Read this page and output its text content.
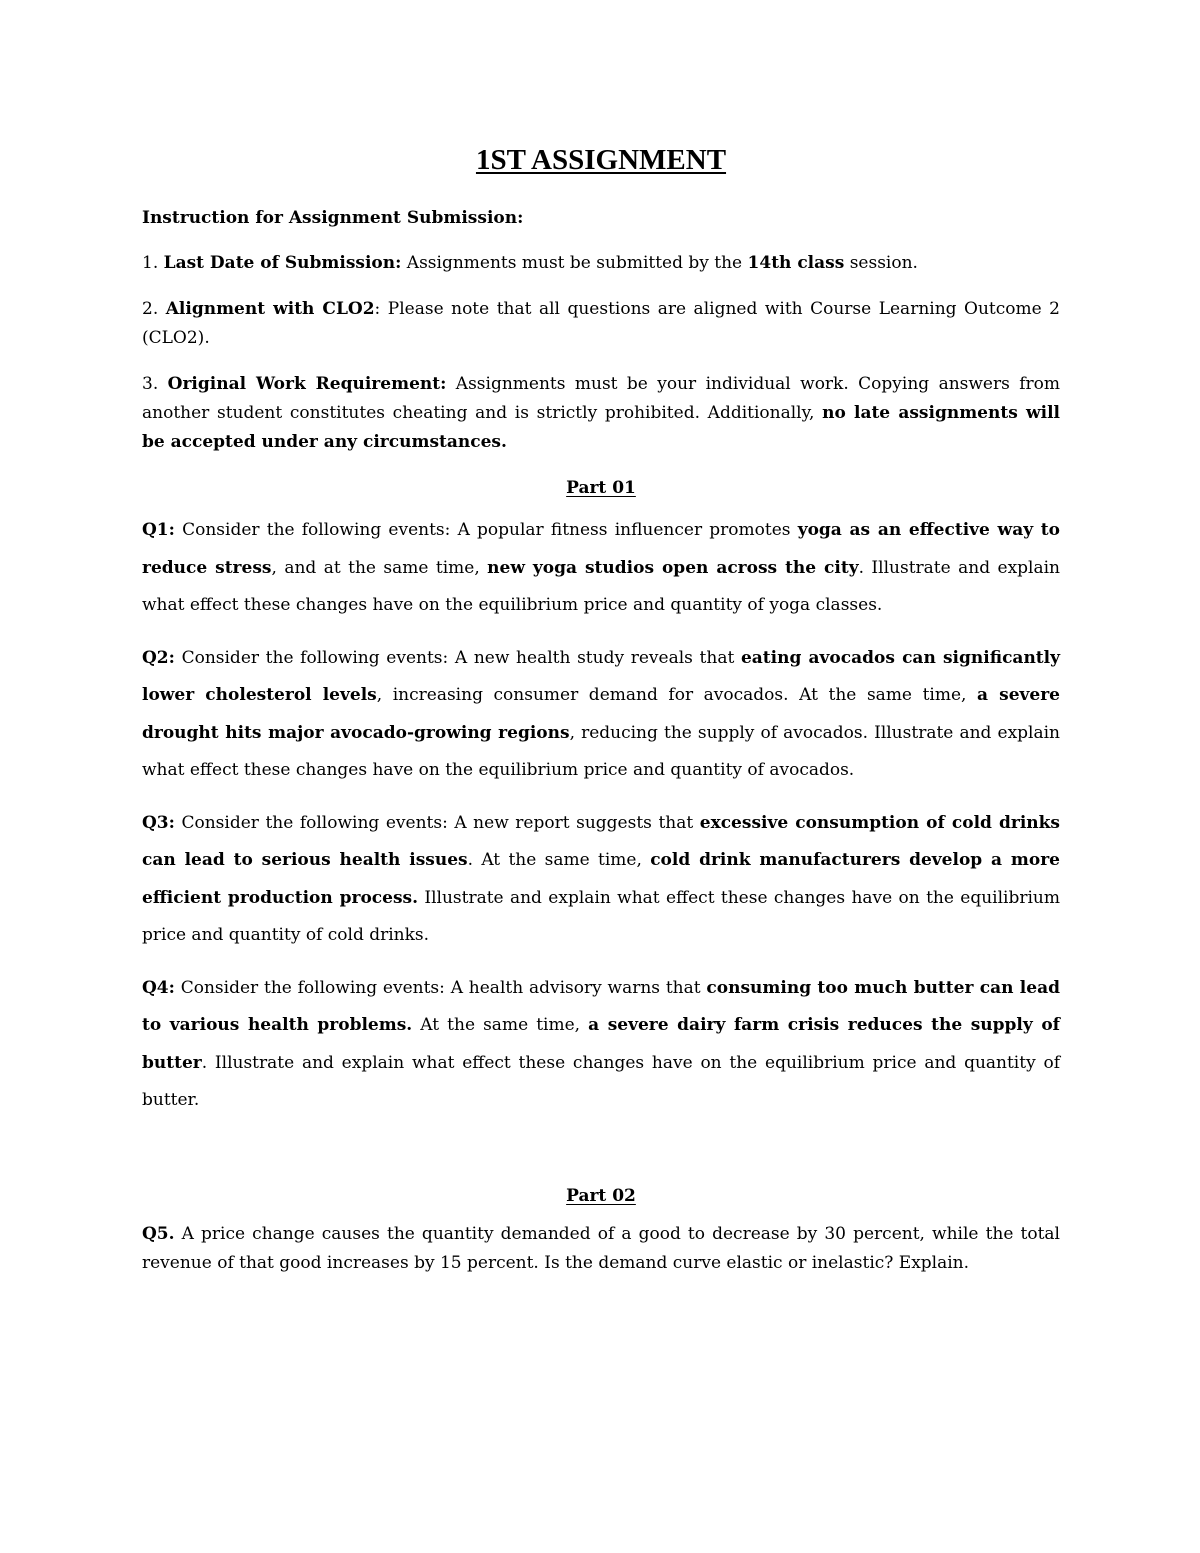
1ST ASSIGNMENT

Instruction for Assignment Submission:

1. Last Date of Submission: Assignments must be submitted by the 14th class session.

2. Alignment with CLO2: Please note that all questions are aligned with Course Learning Outcome 2 (CLO2).

3. Original Work Requirement: Assignments must be your individual work. Copying answers from another student constitutes cheating and is strictly prohibited. Additionally, no late assignments will be accepted under any circumstances.

Part 01

Q1: Consider the following events: A popular fitness influencer promotes yoga as an effective way to reduce stress, and at the same time, new yoga studios open across the city. Illustrate and explain what effect these changes have on the equilibrium price and quantity of yoga classes.

Q2: Consider the following events: A new health study reveals that eating avocados can significantly lower cholesterol levels, increasing consumer demand for avocados. At the same time, a severe drought hits major avocado-growing regions, reducing the supply of avocados. Illustrate and explain what effect these changes have on the equilibrium price and quantity of avocados.

Q3: Consider the following events: A new report suggests that excessive consumption of cold drinks can lead to serious health issues. At the same time, cold drink manufacturers develop a more efficient production process. Illustrate and explain what effect these changes have on the equilibrium price and quantity of cold drinks.

Q4: Consider the following events: A health advisory warns that consuming too much butter can lead to various health problems. At the same time, a severe dairy farm crisis reduces the supply of butter. Illustrate and explain what effect these changes have on the equilibrium price and quantity of butter.

Part 02

Q5. A price change causes the quantity demanded of a good to decrease by 30 percent, while the total revenue of that good increases by 15 percent. Is the demand curve elastic or inelastic? Explain.
